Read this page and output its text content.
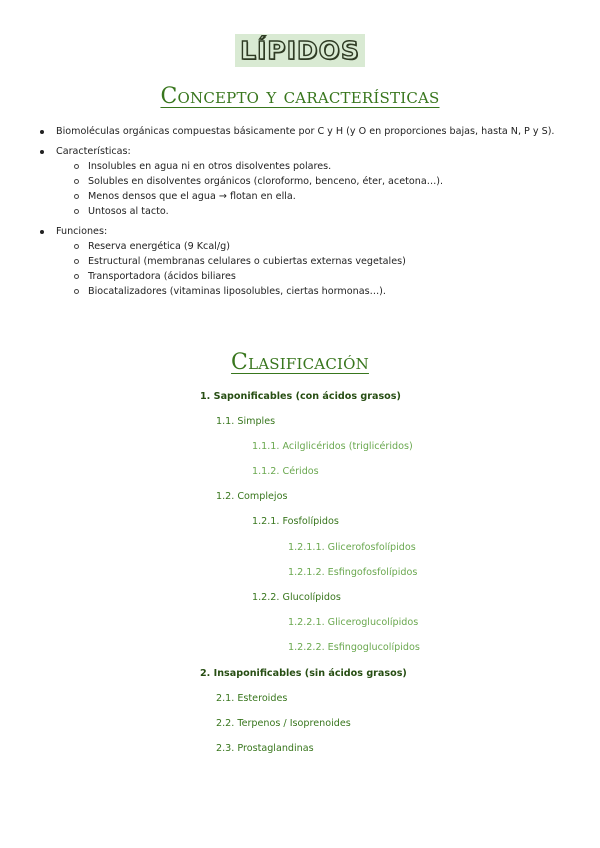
LÍPIDOS
Concepto y características
Biomoléculas orgánicas compuestas básicamente por C y H (y O en proporciones bajas, hasta N, P y S).
Características:
Insolubles en agua ni en otros disolventes polares.
Solubles en disolventes orgánicos (cloroformo, benceno, éter, acetona…).
Menos densos que el agua → flotan en ella.
Untosos al tacto.
Funciones:
Reserva energética (9 Kcal/g)
Estructural (membranas celulares o cubiertas externas vegetales)
Transportadora (ácidos biliares
Biocatalizadores (vitaminas liposolubles, ciertas hormonas…).
Clasificación
1. Saponificables (con ácidos grasos)
1.1. Simples
1.1.1. Acilglicéridos (triglicéridos)
1.1.2. Céridos
1.2. Complejos
1.2.1. Fosfolípidos
1.2.1.1. Glicerofosfolípidos
1.2.1.2. Esfingofosfolípidos
1.2.2. Glucolípidos
1.2.2.1. Gliceroglucolípidos
1.2.2.2. Esfingoglucolípidos
2. Insaponificables (sin ácidos grasos)
2.1. Esteroides
2.2. Terpenos / Isoprenoides
2.3. Prostaglandinas
